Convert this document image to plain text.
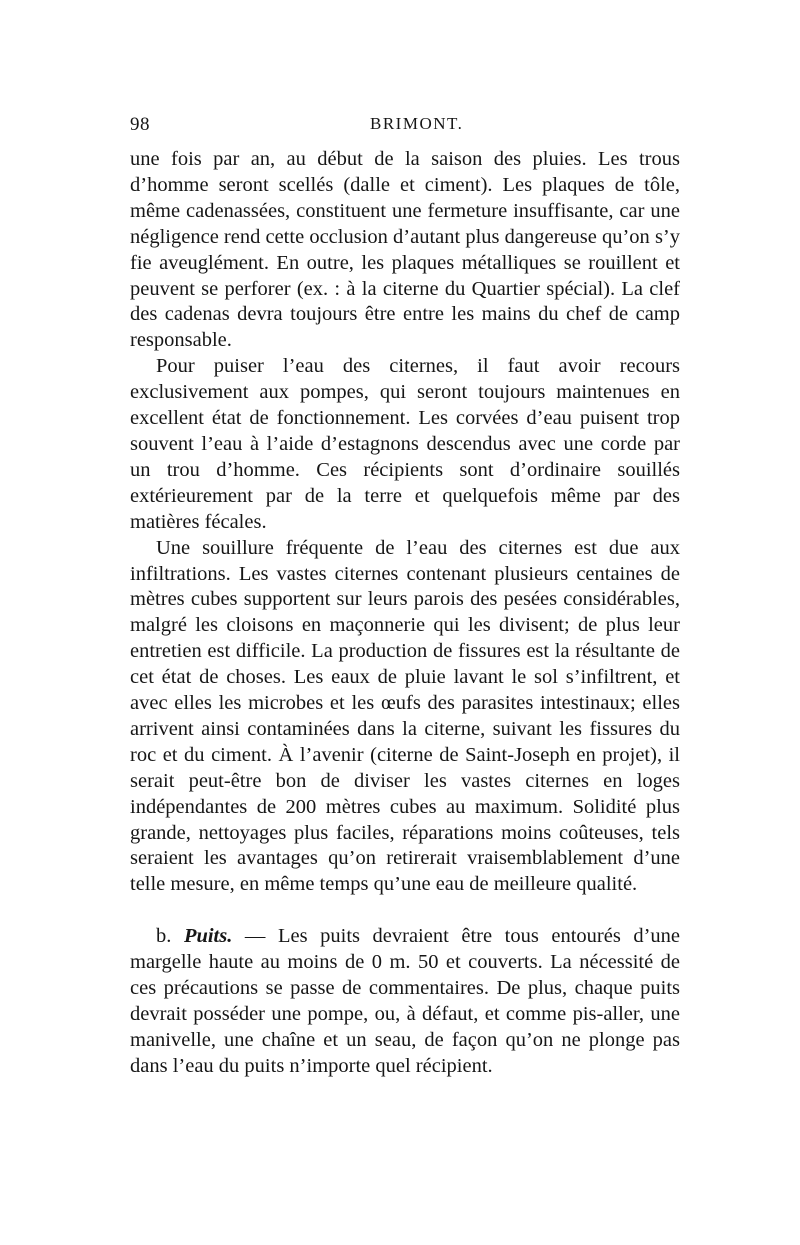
98	BRIMONT.

une fois par an, au début de la saison des pluies. Les trous d’homme seront scellés (dalle et ciment). Les plaques de tôle, même cadenassées, constituent une fermeture insuffisante, car une négligence rend cette occlusion d’autant plus dangereuse qu’on s’y fie aveuglément. En outre, les plaques métalliques se rouillent et peuvent se perforer (ex. : à la citerne du Quartier spécial). La clef des cadenas devra toujours être entre les mains du chef de camp responsable.

Pour puiser l’eau des citernes, il faut avoir recours exclusivement aux pompes, qui seront toujours maintenues en excellent état de fonctionnement. Les corvées d’eau puisent trop souvent l’eau à l’aide d’estagnons descendus avec une corde par un trou d’homme. Ces récipients sont d’ordinaire souillés extérieurement par de la terre et quelquefois même par des matières fécales.

Une souillure fréquente de l’eau des citernes est due aux infiltrations. Les vastes citernes contenant plusieurs centaines de mètres cubes supportent sur leurs parois des pesées considérables, malgré les cloisons en maçonnerie qui les divisent; de plus leur entretien est difficile. La production de fissures est la résultante de cet état de choses. Les eaux de pluie lavant le sol s’infiltrent, et avec elles les microbes et les œufs des parasites intestinaux; elles arrivent ainsi contaminées dans la citerne, suivant les fissures du roc et du ciment. À l’avenir (citerne de Saint-Joseph en projet), il serait peut-être bon de diviser les vastes citernes en loges indépendantes de 200 mètres cubes au maximum. Solidité plus grande, nettoyages plus faciles, réparations moins coûteuses, tels seraient les avantages qu’on retirerait vraisemblablement d’une telle mesure, en même temps qu’une eau de meilleure qualité.

b. Puits. — Les puits devraient être tous entourés d’une margelle haute au moins de 0 m. 50 et couverts. La nécessité de ces précautions se passe de commentaires. De plus, chaque puits devrait posséder une pompe, ou, à défaut, et comme pis-aller, une manivelle, une chaîne et un seau, de façon qu’on ne plonge pas dans l’eau du puits n’importe quel récipient.
